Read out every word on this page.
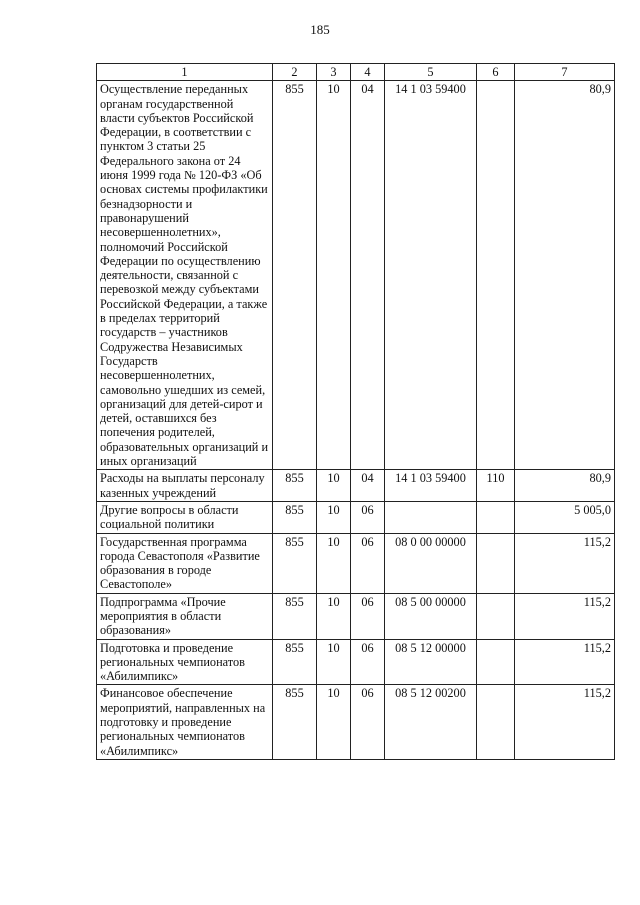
185
1	2	3	4	5	6	7
Осуществление переданных органам государственной власти субъектов Российской Федерации, в соответствии с пунктом 3 статьи 25 Федерального закона от 24 июня 1999 года № 120-ФЗ «Об основах системы профилактики безнадзорности и правонарушений несовершеннолетних», полномочий Российской Федерации по осуществлению деятельности, связанной с перевозкой между субъектами Российской Федерации, а также в пределах территорий государств – участников Содружества Независимых Государств несовершеннолетних, самовольно ушедших из семей, организаций для детей-сирот и детей, оставшихся без попечения родителей, образовательных организаций и иных организаций	855	10	04	14 1 03 59400		80,9
Расходы на выплаты персоналу казенных учреждений	855	10	04	14 1 03 59400	110	80,9
Другие вопросы в области социальной политики	855	10	06			5 005,0
Государственная программа города Севастополя «Развитие образования в городе Севастополе»	855	10	06	08 0 00 00000		115,2
Подпрограмма «Прочие мероприятия в области образования»	855	10	06	08 5 00 00000		115,2
Подготовка и проведение региональных чемпионатов «Абилимпикс»	855	10	06	08 5 12 00000		115,2
Финансовое обеспечение мероприятий, направленных на подготовку и проведение региональных чемпионатов «Абилимпикс»	855	10	06	08 5 12 00200		115,2
